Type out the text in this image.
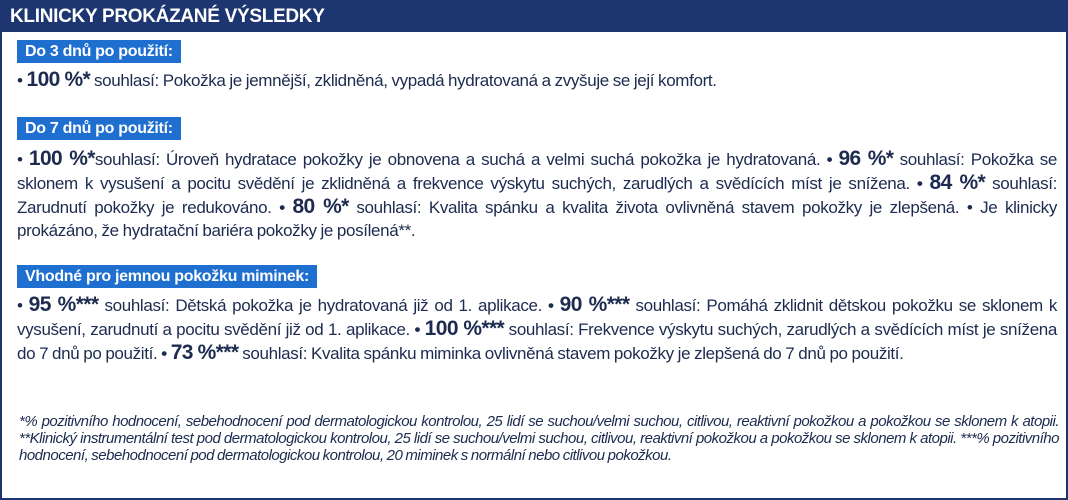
KLINICKY PROKÁZANÉ VÝSLEDKY
Do 3 dnů po použití:
• 100 %* souhlasí: Pokožka je jemnější, zklidněná, vypadá hydratovaná a zvyšuje se její komfort.
Do 7 dnů po použití:
• 100 %*souhlasí: Úroveň hydratace pokožky je obnovena a suchá a velmi suchá pokožka je hydratovaná. • 96 %* souhlasí: Pokožka se sklonem k vysušení a pocitu svědění je zklidněná a frekvence výskytu suchých, zarudlých a svědících míst je snížena. • 84 %* souhlasí: Zarudnutí pokožky je redukováno. • 80 %* souhlasí: Kvalita spánku a kvalita života ovlivněná stavem pokožky je zlepšená. • Je klinicky prokázáno, že hydratační bariéra pokožky je posílená**.
Vhodné pro jemnou pokožku miminek:
• 95 %*** souhlasí: Dětská pokožka je hydratovaná již od 1. aplikace. • 90 %*** souhlasí: Pomáhá zklidnit dětskou pokožku se sklonem k vysušení, zarudnutí a pocitu svědění již od 1. aplikace. • 100 %*** souhlasí: Frekvence výskytu suchých, zarudlých a svědících míst je snížena do 7 dnů po použití. • 73 %*** souhlasí: Kvalita spánku miminka ovlivněná stavem pokožky je zlepšená do 7 dnů po použití.
*% pozitivního hodnocení, sebehodnocení pod dermatologickou kontrolou, 25 lidí se suchou/velmi suchou, citlivou, reaktivní pokožkou a pokožkou se sklonem k atopii. **Klinický instrumentální test pod dermatologickou kontrolou, 25 lidí se suchou/velmi suchou, citlivou, reaktivní pokožkou a pokožkou se sklonem k atopii. ***% pozitivního hodnocení, sebehodnocení pod dermatologickou kontrolou, 20 miminek s normální nebo citlivou pokožkou.
